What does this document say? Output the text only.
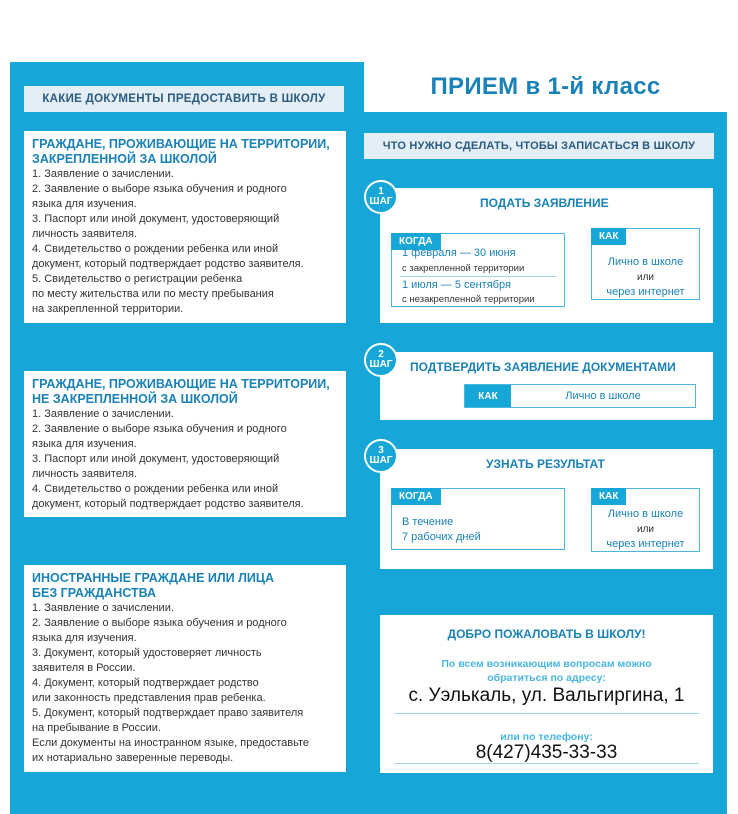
ПРИЕМ в 1-й класс
КАКИЕ ДОКУМЕНТЫ ПРЕДОСТАВИТЬ В ШКОЛУ
ЧТО НУЖНО СДЕЛАТЬ, ЧТОБЫ ЗАПИСАТЬСЯ В ШКОЛУ
ГРАЖДАНЕ, ПРОЖИВАЮЩИЕ НА ТЕРРИТОРИИ,
ЗАКРЕПЛЕННОЙ ЗА ШКОЛОЙ
1. Заявление о зачислении.
2. Заявление о выборе языка обучения и родного
языка для изучения.
3. Паспорт или иной документ, удостоверяющий
личность заявителя.
4. Свидетельство о рождении ребенка или иной
документ, который подтверждает родство заявителя.
5. Свидетельство о регистрации ребенка
по месту жительства или по месту пребывания
на закрепленной территории.
ГРАЖДАНЕ, ПРОЖИВАЮЩИЕ НА ТЕРРИТОРИИ,
НЕ ЗАКРЕПЛЕННОЙ ЗА ШКОЛОЙ
1. Заявление о зачислении.
2. Заявление о выборе языка обучения и родного
языка для изучения.
3. Паспорт или иной документ, удостоверяющий
личность заявителя.
4. Свидетельство о рождении ребенка или иной
документ, который подтверждает родство заявителя.
ИНОСТРАННЫЕ ГРАЖДАНЕ ИЛИ ЛИЦА
БЕЗ ГРАЖДАНСТВА
1. Заявление о зачислении.
2. Заявление о выборе языка обучения и родного
языка для изучения.
3. Документ, который удостоверяет личность
заявителя в России.
4. Документ, который подтверждает родство
или законность представления прав ребенка.
5. Документ, который подтверждает право заявителя
на пребывание в России.
Если документы на иностранном языке, предоставьте
их нотариально заверенные переводы.
1
ШАГ	ПОДАТЬ ЗАЯВЛЕНИЕ
КОГДА
1 февраля — 30 июня
с закрепленной территории
1 июля — 5 сентября
с незакрепленной территории
КАК
Лично в школе
или
через интернет
2
ШАГ ПОДТВЕРДИТЬ ЗАЯВЛЕНИЕ ДОКУМЕНТАМИ
КАК	Лично в школе
3
ШАГ	УЗНАТЬ РЕЗУЛЬТАТ
КОГДА
В течение
7 рабочих дней
КАК
Лично в школе
или
через интернет
ДОБРО ПОЖАЛОВАТЬ В ШКОЛУ!
По всем возникающим вопросам можно
обратиться по адресу:
с. Уэлькаль, ул. Вальгиргина, 1
или по телефону:
8(427)435-33-33
